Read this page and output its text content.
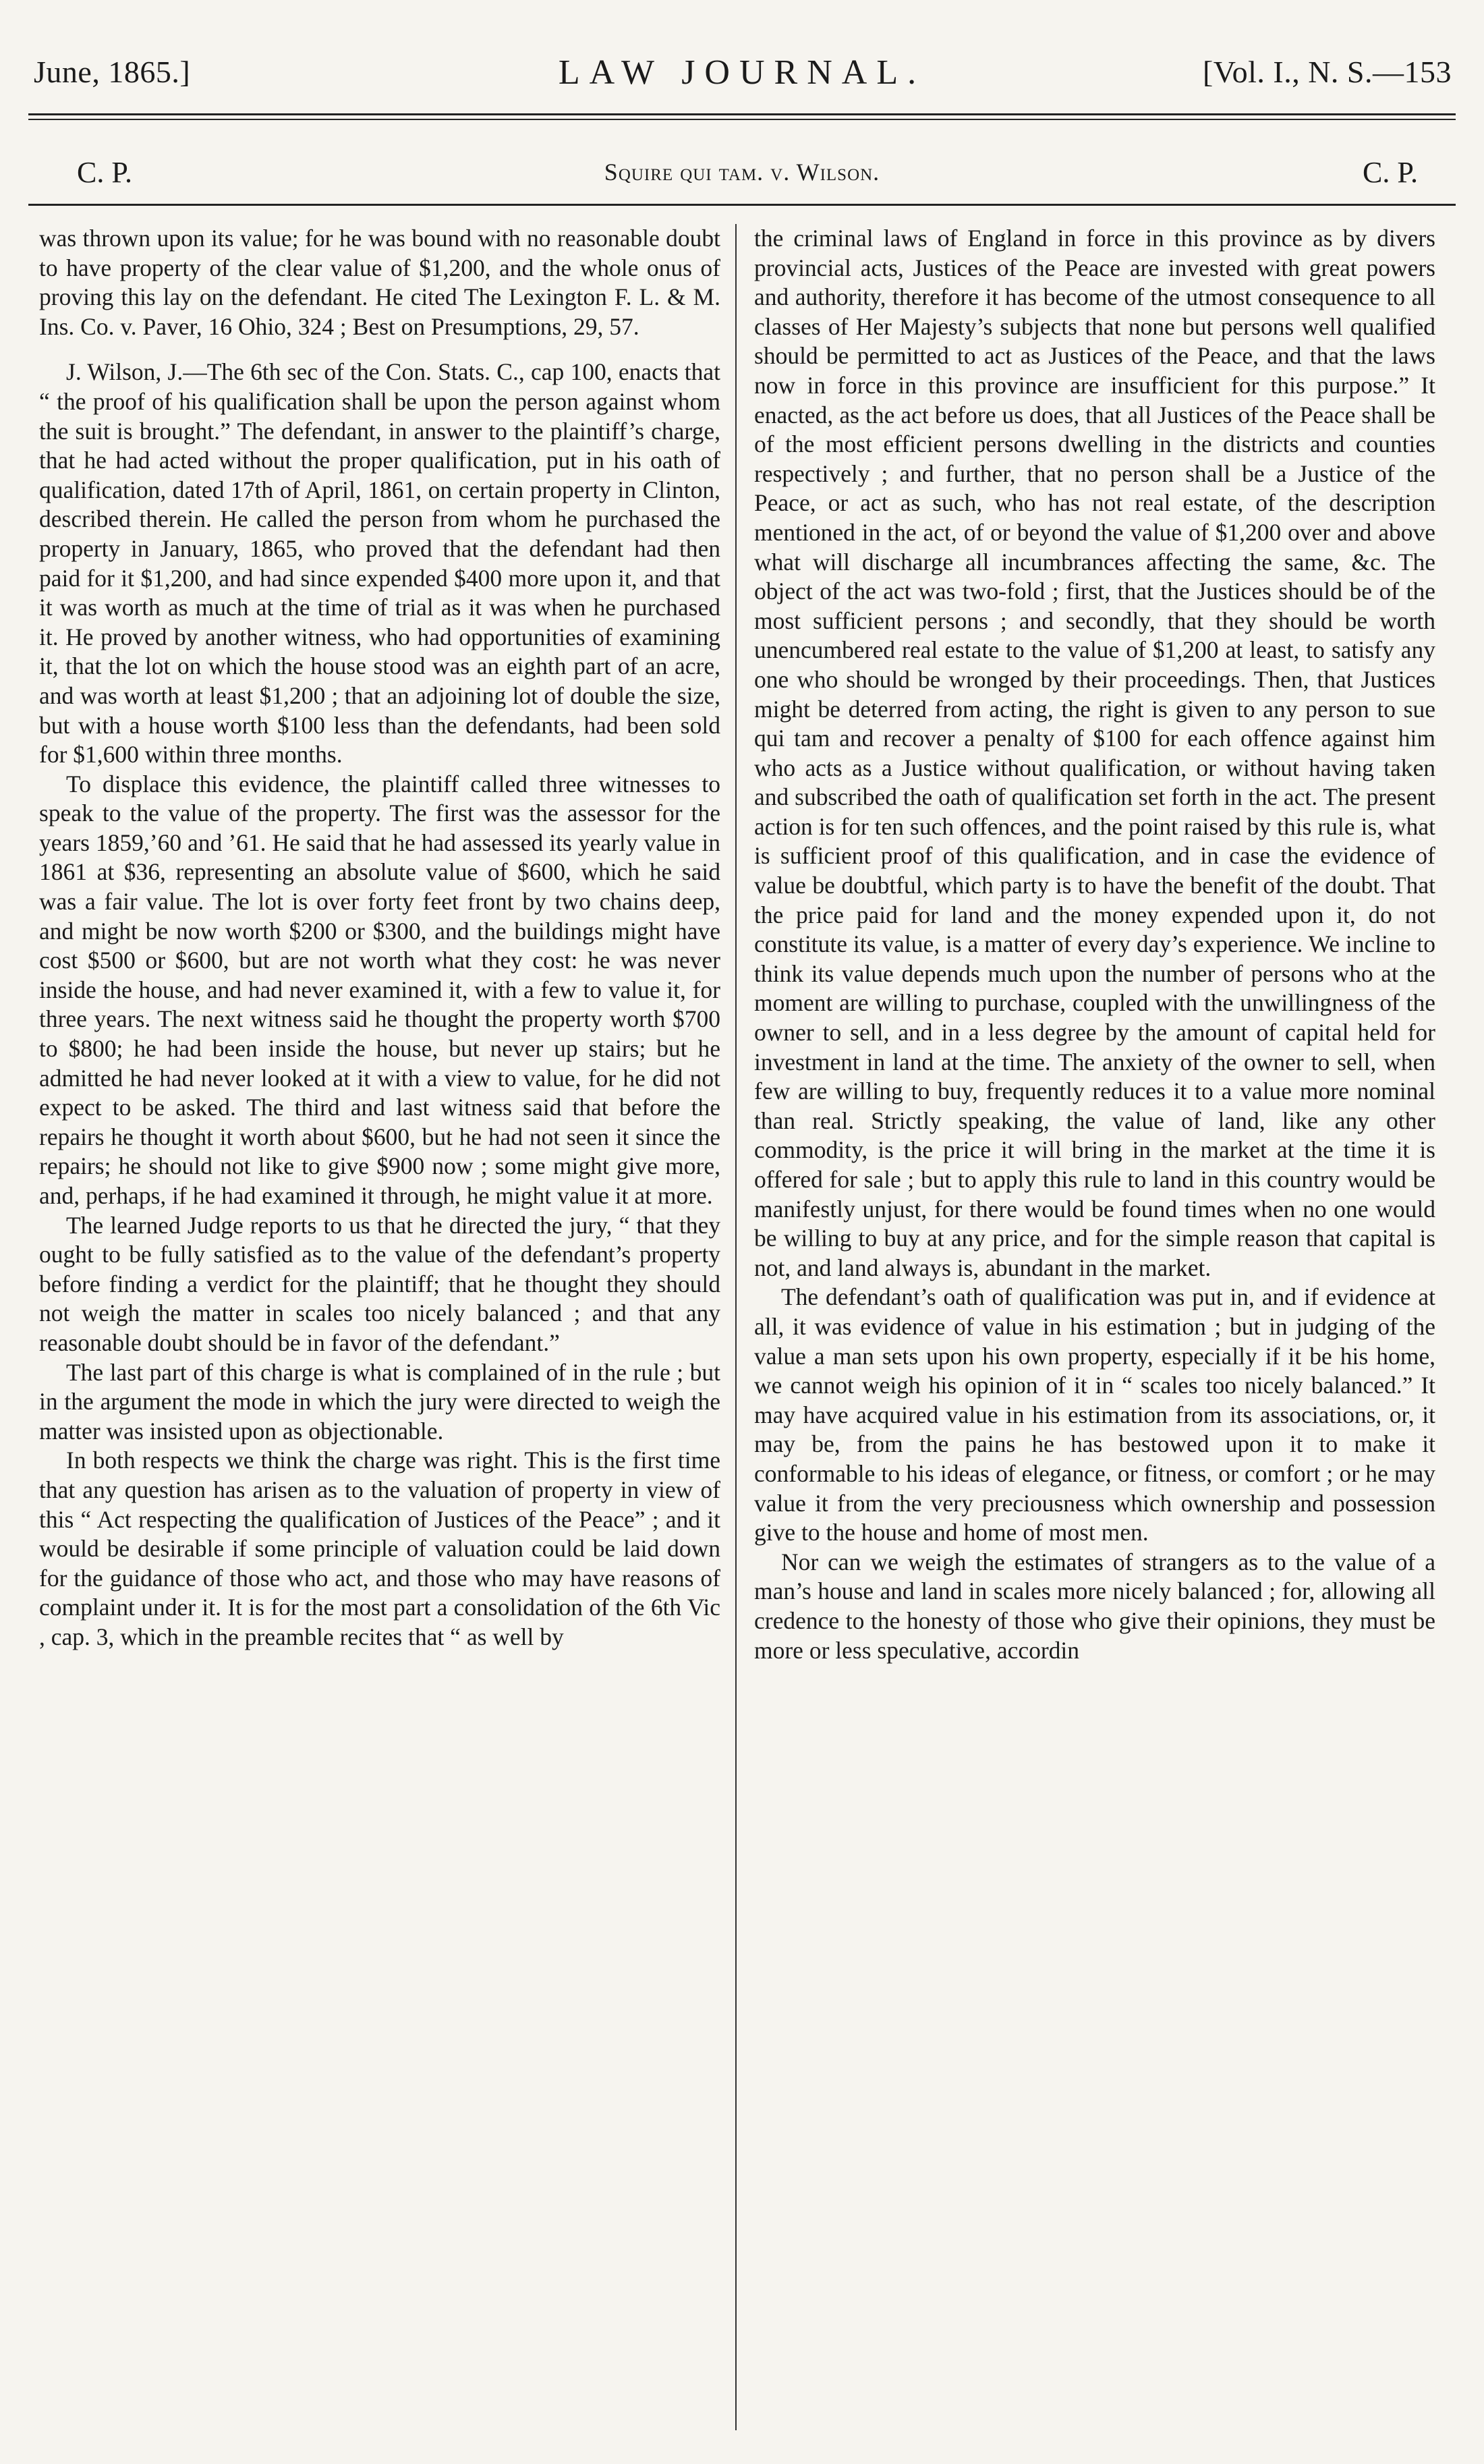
June, 1865.]	LAW JOURNAL.	[Vol. I., N. S.—153
C. P.	Squire qui tam. v. Wilson.	C. P.

was thrown upon its value; for he was bound with no reasonable doubt to have property of the clear value of $1,200, and the whole onus of proving this lay on the defendant. He cited The Lexington F. L. & M. Ins. Co. v. Paver, 16 Ohio, 324 ; Best on Presumptions, 29, 57.

J. Wilson, J.—The 6th sec of the Con. Stats. C., cap 100, enacts that “ the proof of his qualification shall be upon the person against whom the suit is brought.” The defendant, in answer to the plaintiff’s charge, that he had acted without the proper qualification, put in his oath of qualification, dated 17th of April, 1861, on certain property in Clinton, described therein. He called the person from whom he purchased the property in January, 1865, who proved that the defendant had then paid for it $1,200, and had since expended $400 more upon it, and that it was worth as much at the time of trial as it was when he purchased it. He proved by another witness, who had opportunities of examining it, that the lot on which the house stood was an eighth part of an acre, and was worth at least $1,200 ; that an adjoining lot of double the size, but with a house worth $100 less than the defendants, had been sold for $1,600 within three months.

To displace this evidence, the plaintiff called three witnesses to speak to the value of the property. The first was the assessor for the years 1859,’60 and ’61. He said that he had assessed its yearly value in 1861 at $36, representing an absolute value of $600, which he said was a fair value. The lot is over forty feet front by two chains deep, and might be now worth $200 or $300, and the buildings might have cost $500 or $600, but are not worth what they cost: he was never inside the house, and had never examined it, with a few to value it, for three years. The next witness said he thought the property worth $700 to $800; he had been inside the house, but never up stairs; but he admitted he had never looked at it with a view to value, for he did not expect to be asked. The third and last witness said that before the repairs he thought it worth about $600, but he had not seen it since the repairs; he should not like to give $900 now ; some might give more, and, perhaps, if he had examined it through, he might value it at more.

The learned Judge reports to us that he directed the jury, “ that they ought to be fully satisfied as to the value of the defendant’s property before finding a verdict for the plaintiff; that he thought they should not weigh the matter in scales too nicely balanced ; and that any reasonable doubt should be in favor of the defendant.”

The last part of this charge is what is complained of in the rule ; but in the argument the mode in which the jury were directed to weigh the matter was insisted upon as objectionable.

In both respects we think the charge was right. This is the first time that any question has arisen as to the valuation of property in view of this “ Act respecting the qualification of Justices of the Peace” ; and it would be desirable if some principle of valuation could be laid down for the guidance of those who act, and those who may have reasons of complaint under it. It is for the most part a consolidation of the 6th Vic , cap. 3, which in the preamble recites that “ as well by

the criminal laws of England in force in this province as by divers provincial acts, Justices of the Peace are invested with great powers and authority, therefore it has become of the utmost consequence to all classes of Her Majesty’s subjects that none but persons well qualified should be permitted to act as Justices of the Peace, and that the laws now in force in this province are insufficient for this purpose.” It enacted, as the act before us does, that all Justices of the Peace shall be of the most efficient persons dwelling in the districts and counties respectively ; and further, that no person shall be a Justice of the Peace, or act as such, who has not real estate, of the description mentioned in the act, of or beyond the value of $1,200 over and above what will discharge all incumbrances affecting the same, &c. The object of the act was two-fold ; first, that the Justices should be of the most sufficient persons ; and secondly, that they should be worth unencumbered real estate to the value of $1,200 at least, to satisfy any one who should be wronged by their proceedings. Then, that Justices might be deterred from acting, the right is given to any person to sue qui tam and recover a penalty of $100 for each offence against him who acts as a Justice without qualification, or without having taken and subscribed the oath of qualification set forth in the act. The present action is for ten such offences, and the point raised by this rule is, what is sufficient proof of this qualification, and in case the evidence of value be doubtful, which party is to have the benefit of the doubt. That the price paid for land and the money expended upon it, do not constitute its value, is a matter of every day’s experience. We incline to think its value depends much upon the number of persons who at the moment are willing to purchase, coupled with the unwillingness of the owner to sell, and in a less degree by the amount of capital held for investment in land at the time. The anxiety of the owner to sell, when few are willing to buy, frequently reduces it to a value more nominal than real. Strictly speaking, the value of land, like any other commodity, is the price it will bring in the market at the time it is offered for sale ; but to apply this rule to land in this country would be manifestly unjust, for there would be found times when no one would be willing to buy at any price, and for the simple reason that capital is not, and land always is, abundant in the market.

The defendant’s oath of qualification was put in, and if evidence at all, it was evidence of value in his estimation ; but in judging of the value a man sets upon his own property, especially if it be his home, we cannot weigh his opinion of it in “ scales too nicely balanced.” It may have acquired value in his estimation from its associations, or, it may be, from the pains he has bestowed upon it to make it conformable to his ideas of elegance, or fitness, or comfort ; or he may value it from the very preciousness which ownership and possession give to the house and home of most men.

Nor can we weigh the estimates of strangers as to the value of a man’s house and land in scales more nicely balanced ; for, allowing all credence to the honesty of those who give their opinions, they must be more or less speculative, accordin
